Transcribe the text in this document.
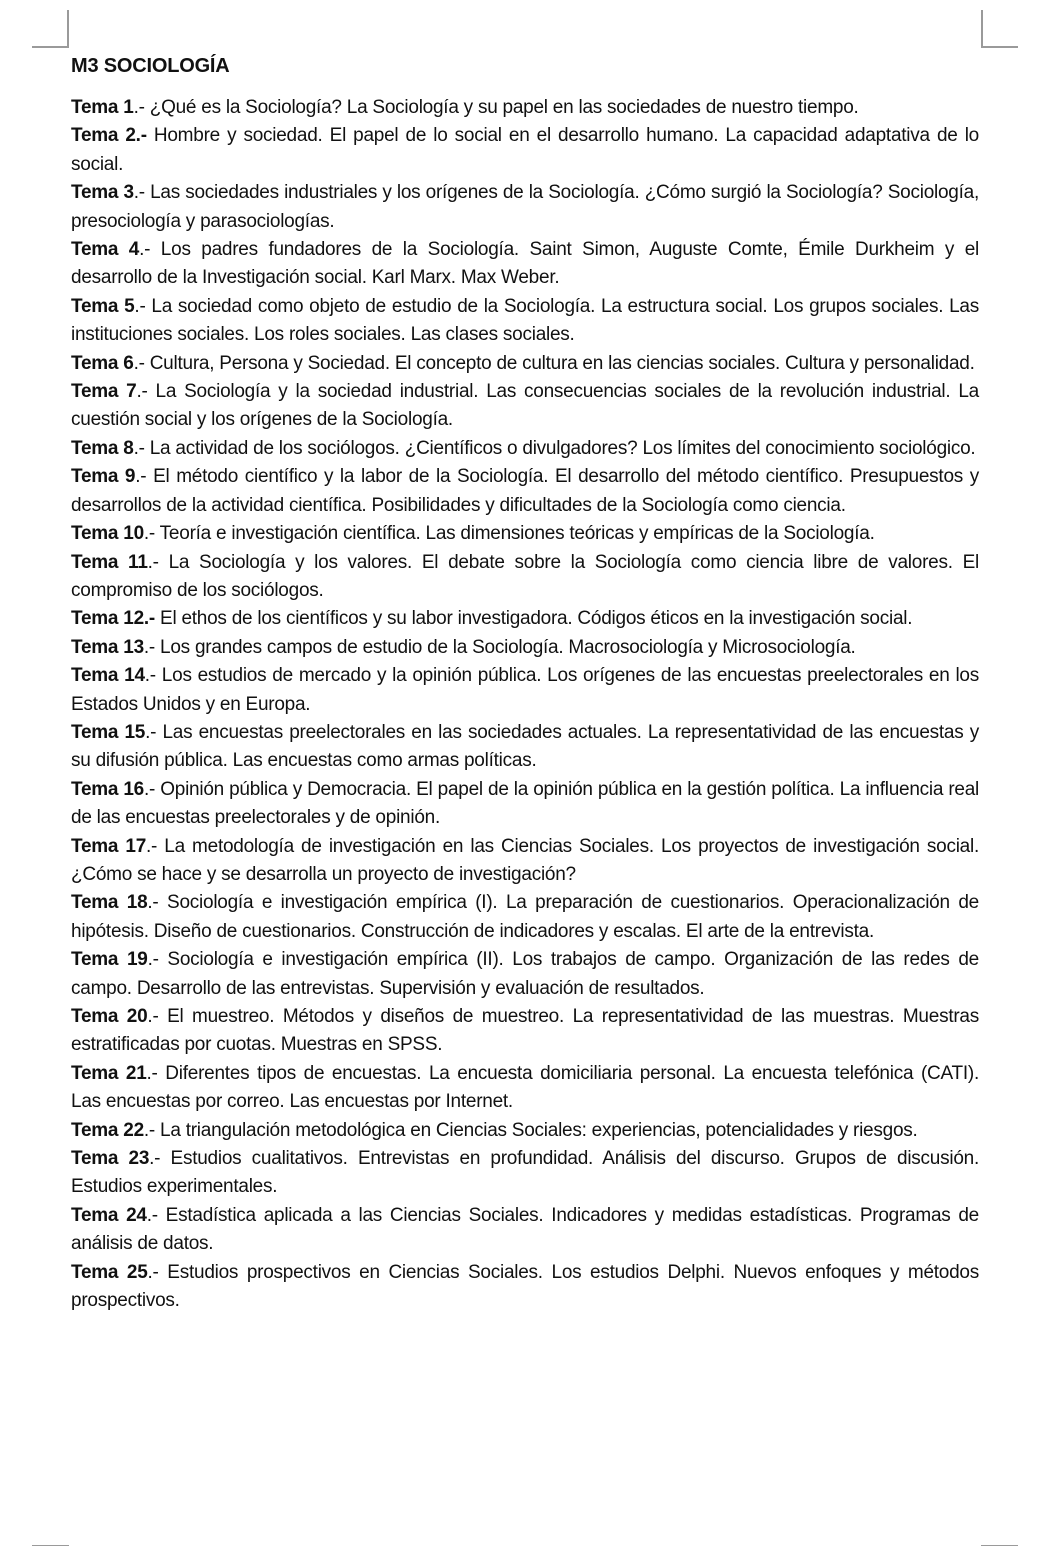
M3 SOCIOLOGÍA

Tema 1.- ¿Qué es la Sociología? La Sociología y su papel en las sociedades de nuestro tiempo.

Tema 2.- Hombre y sociedad. El papel de lo social en el desarrollo humano. La capacidad adaptativa de lo social.

Tema 3.- Las sociedades industriales y los orígenes de la Sociología. ¿Cómo surgió la Sociología? Sociología, presociología y parasociologías.

Tema 4.- Los padres fundadores de la Sociología. Saint Simon, Auguste Comte, Émile Durkheim y el desarrollo de la Investigación social. Karl Marx. Max Weber.

Tema 5.- La sociedad como objeto de estudio de la Sociología. La estructura social. Los grupos sociales. Las instituciones sociales. Los roles sociales. Las clases sociales.

Tema 6.- Cultura, Persona y Sociedad. El concepto de cultura en las ciencias sociales. Cultura y personalidad.

Tema 7.- La Sociología y la sociedad industrial. Las consecuencias sociales de la revolución industrial. La cuestión social y los orígenes de la Sociología.

Tema 8.- La actividad de los sociólogos. ¿Científicos o divulgadores? Los límites del conocimiento sociológico.

Tema 9.- El método científico y la labor de la Sociología. El desarrollo del método científico. Presupuestos y desarrollos de la actividad científica. Posibilidades y dificultades de la Sociología como ciencia.

Tema 10.- Teoría e investigación científica. Las dimensiones teóricas y empíricas de la Sociología.

Tema 11.- La Sociología y los valores. El debate sobre la Sociología como ciencia libre de valores. El compromiso de los sociólogos.

Tema 12.- El ethos de los científicos y su labor investigadora. Códigos éticos en la investigación social.

Tema 13.- Los grandes campos de estudio de la Sociología. Macrosociología y Microsociología.

Tema 14.- Los estudios de mercado y la opinión pública. Los orígenes de las encuestas preelectorales en los Estados Unidos y en Europa.

Tema 15.- Las encuestas preelectorales en las sociedades actuales. La representatividad de las encuestas y su difusión pública. Las encuestas como armas políticas.

Tema 16.- Opinión pública y Democracia. El papel de la opinión pública en la gestión política. La influencia real de las encuestas preelectorales y de opinión.

Tema 17.- La metodología de investigación en las Ciencias Sociales. Los proyectos de investigación social. ¿Cómo se hace y se desarrolla un proyecto de investigación?

Tema 18.- Sociología e investigación empírica (I). La preparación de cuestionarios. Operacionalización de hipótesis. Diseño de cuestionarios. Construcción de indicadores y escalas. El arte de la entrevista.

Tema 19.- Sociología e investigación empírica (II). Los trabajos de campo. Organización de las redes de campo. Desarrollo de las entrevistas. Supervisión y evaluación de resultados.

Tema 20.- El muestreo. Métodos y diseños de muestreo. La representatividad de las muestras. Muestras estratificadas por cuotas. Muestras en SPSS.

Tema 21.- Diferentes tipos de encuestas. La encuesta domiciliaria personal. La encuesta telefónica (CATI). Las encuestas por correo. Las encuestas por Internet.

Tema 22.- La triangulación metodológica en Ciencias Sociales: experiencias, potencialidades y riesgos.

Tema 23.- Estudios cualitativos. Entrevistas en profundidad. Análisis del discurso. Grupos de discusión. Estudios experimentales.

Tema 24.- Estadística aplicada a las Ciencias Sociales. Indicadores y medidas estadísticas. Programas de análisis de datos.

Tema 25.- Estudios prospectivos en Ciencias Sociales. Los estudios Delphi. Nuevos enfoques y métodos prospectivos.
